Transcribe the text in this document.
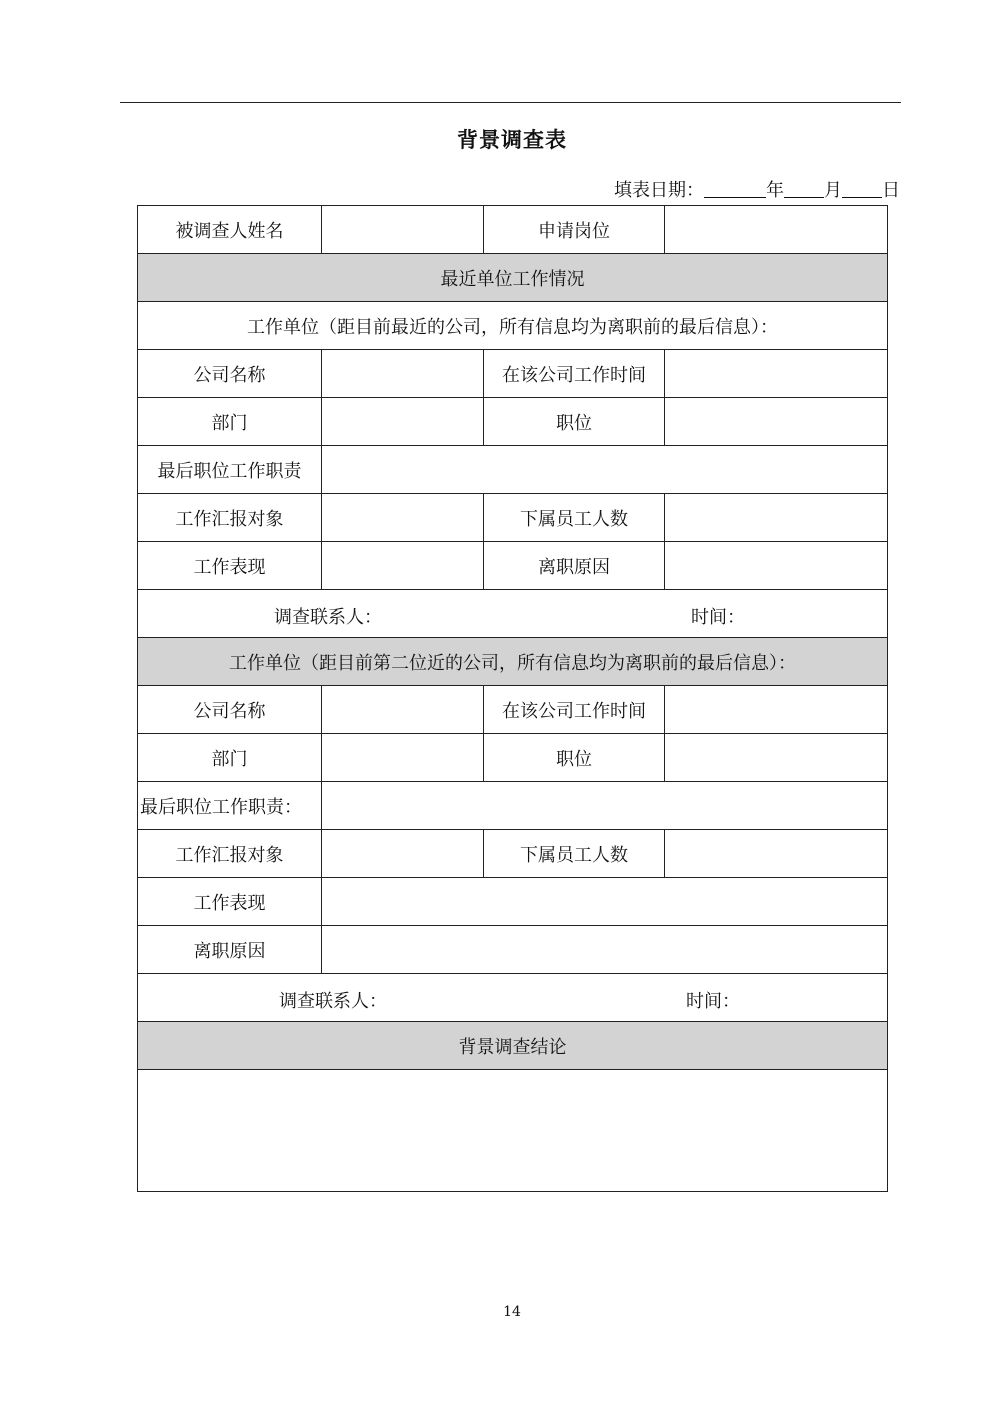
背景调查表
填表日期：	年 月 日
被调查人姓名		申请岗位	
最近单位工作情况			
工作单位（距目前最近的公司，所有信息均为离职前的最后信息）：			
公司名称		在该公司工作时间	
部门		职位	
最后职位工作职责			
工作汇报对象		下属员工人数	
工作表现		离职原因	

调查联系人： 时间：			

工作单位（距目前第二位近的公司，所有信息均为离职前的最后信息）：			
公司名称		在该公司工作时间	
部门		职位	
最后职位工作职责：			
工作汇报对象		下属员工人数	
工作表现			
离职原因			

调查联系人： 时间：			

背景调查结论			

14
